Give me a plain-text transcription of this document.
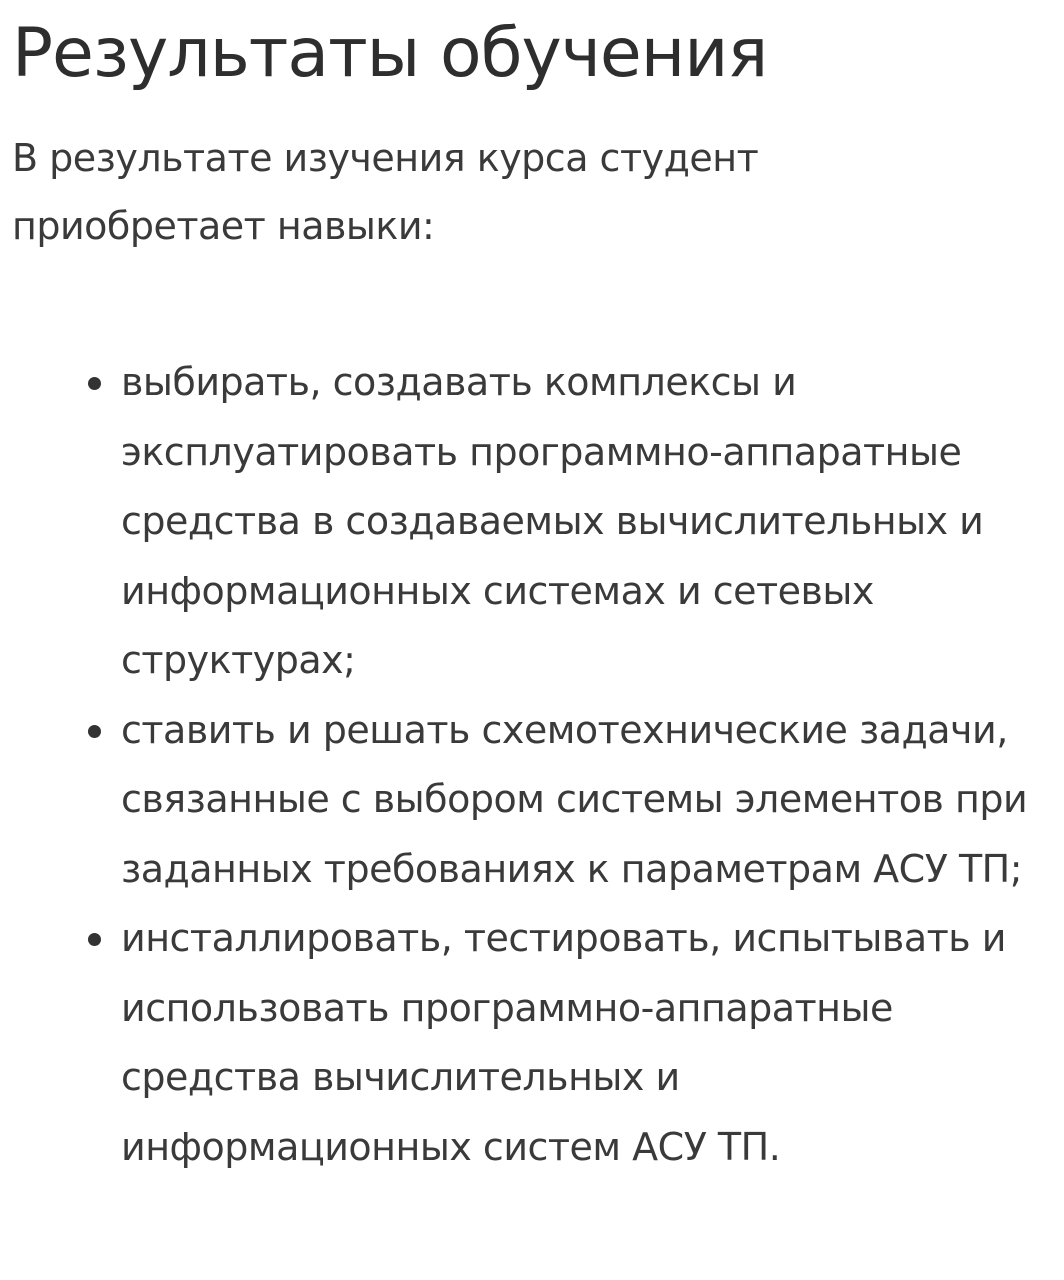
Результаты обучения

В результате изучения курса студент приобретает навыки:

выбирать, создавать комплексы и эксплуатировать программно-аппаратные средства в создаваемых вычислительных и информационных системах и сетевых структурах;
ставить и решать схемотехнические задачи, связанные с выбором системы элементов при заданных требованиях к параметрам АСУ ТП;
инсталлировать, тестировать, испытывать и использовать программно-аппаратные средства вычислительных и информационных систем АСУ ТП.
